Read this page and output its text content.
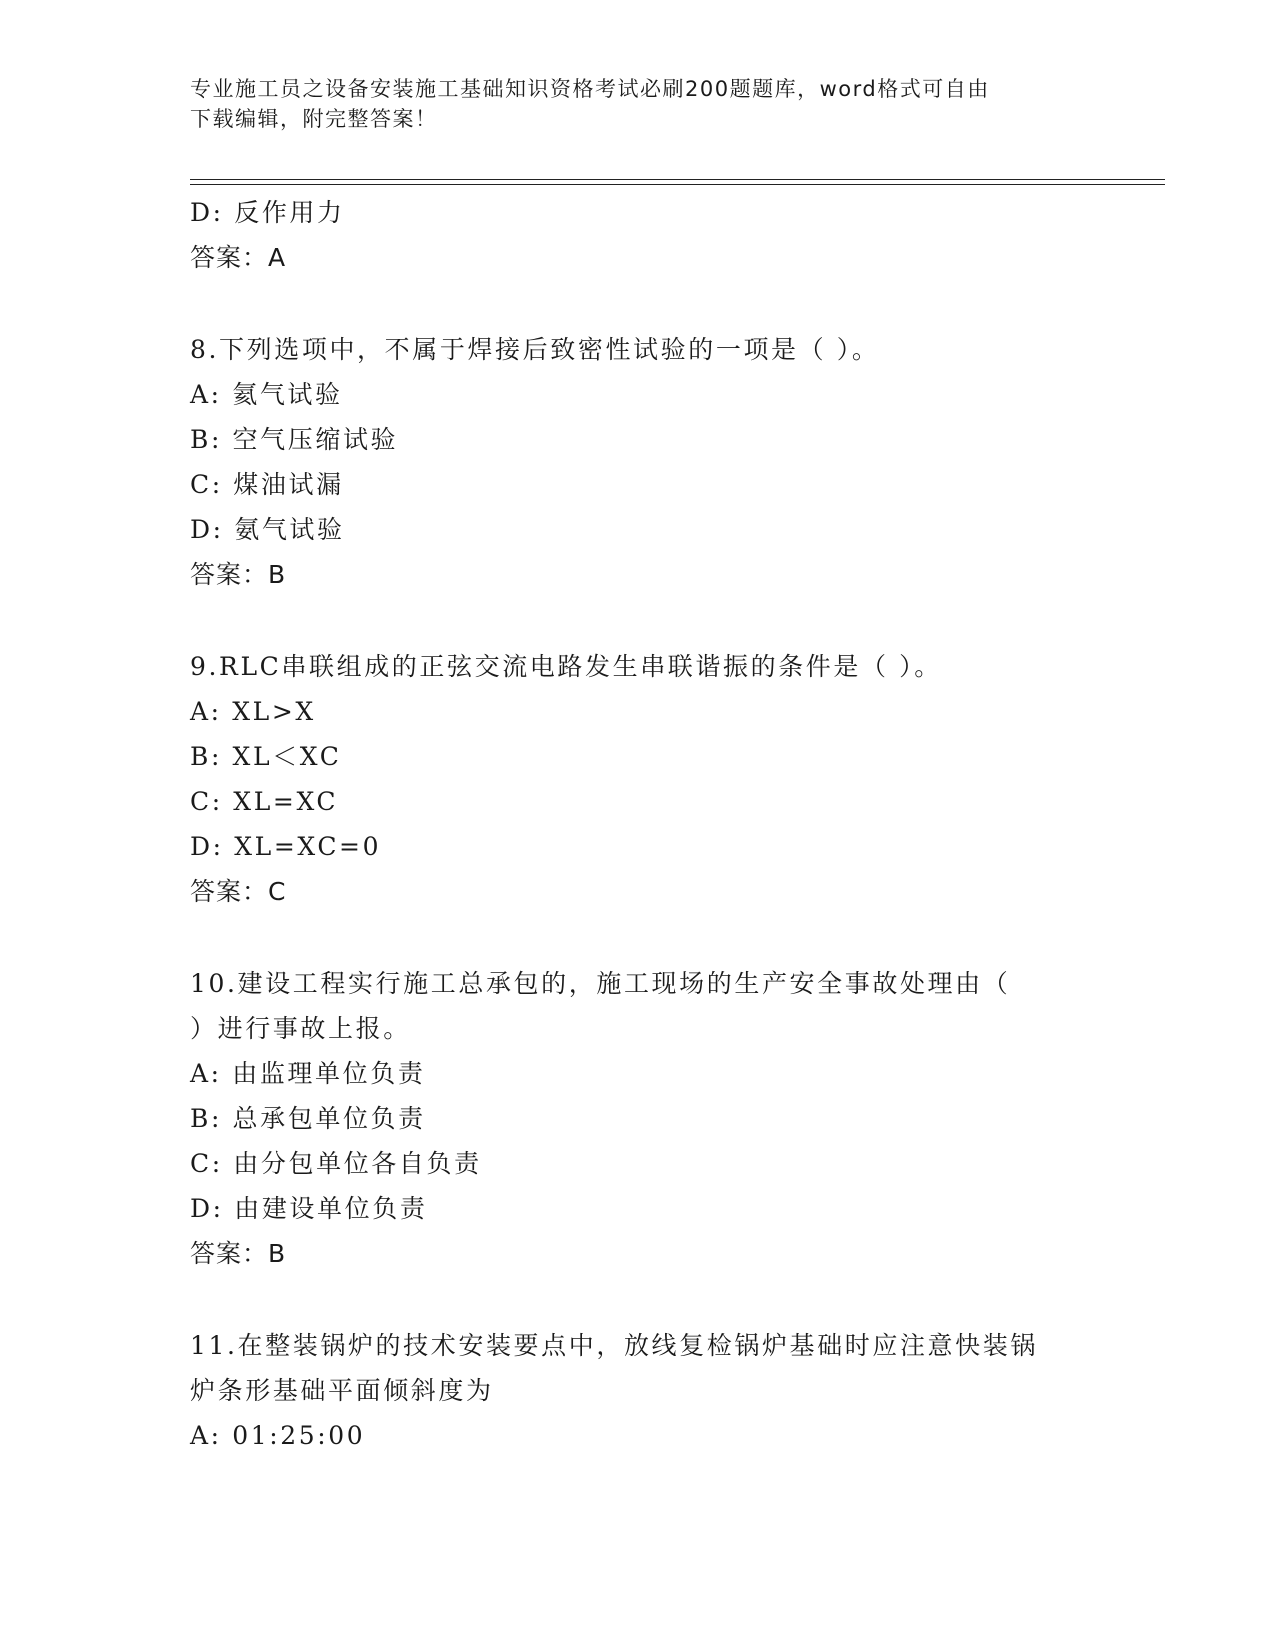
专业施工员之设备安装施工基础知识资格考试必刷200题题库，word格式可自由
下载编辑，附完整答案！
D: 反作用力
答案：A
8.下列选项中，不属于焊接后致密性试验的一项是（ ）。
A: 氦气试验
B: 空气压缩试验
C: 煤油试漏
D: 氨气试验
答案：B
9.RLC串联组成的正弦交流电路发生串联谐振的条件是（ ）。
A: XL>X
B: XL＜XC
C: XL=XC
D: XL=XC=0
答案：C
10.建设工程实行施工总承包的，施工现场的生产安全事故处理由（
）进行事故上报。
A: 由监理单位负责
B: 总承包单位负责
C: 由分包单位各自负责
D: 由建设单位负责
答案：B
11.在整装锅炉的技术安装要点中，放线复检锅炉基础时应注意快装锅
炉条形基础平面倾斜度为
A: 01:25:00
